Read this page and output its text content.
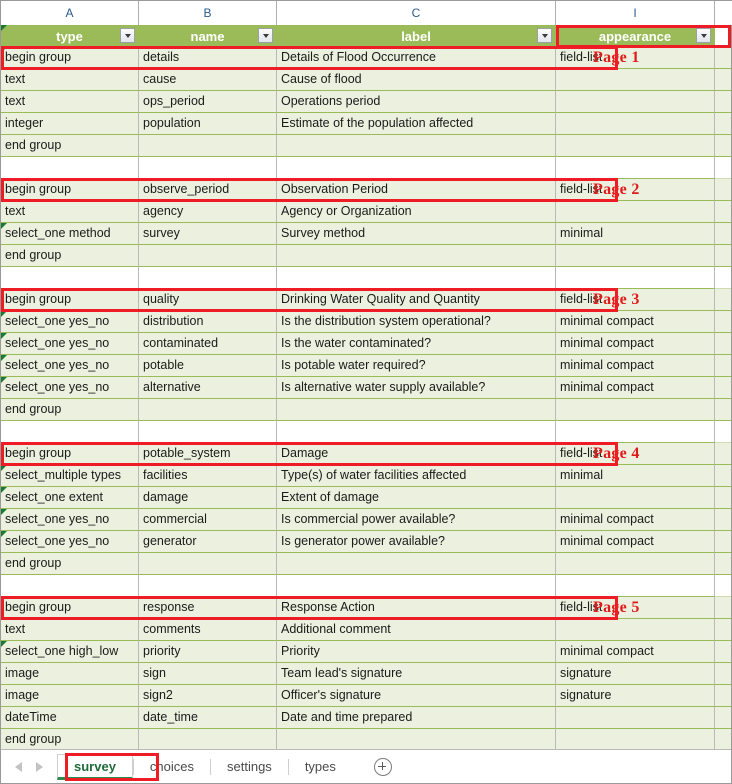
A	B	C	I
type	name	label	appearance
begin group	details	Details of Flood Occurrence	field-list
text	cause	Cause of flood
text	ops_period	Operations period
integer	population	Estimate of the population affected
end group
begin group	observe_period	Observation Period	field-list
text	agency	Agency or Organization
select_one method	survey	Survey method	minimal
end group
begin group	quality	Drinking Water Quality and Quantity	field-list
select_one yes_no	distribution	Is the distribution system operational?	minimal compact
select_one yes_no	contaminated	Is the water contaminated?	minimal compact
select_one yes_no	potable	Is potable water required?	minimal compact
select_one yes_no	alternative	Is alternative water supply available?	minimal compact
end group
begin group	potable_system	Damage	field-list
select_multiple types	facilities	Type(s) of water facilities affected	minimal
select_one extent	damage	Extent of damage
select_one yes_no	commercial	Is commercial power available?	minimal compact
select_one yes_no	generator	Is generator power available?	minimal compact
end group
begin group	response	Response Action	field-list
text	comments	Additional comment
select_one high_low	priority	Priority	minimal compact
image	sign	Team lead's signature	signature
image	sign2	Officer's signature	signature
dateTime	date_time	Date and time prepared
end group
Page 1
Page 2
Page 3
Page 4
Page 5
survey	choices	settings	types
